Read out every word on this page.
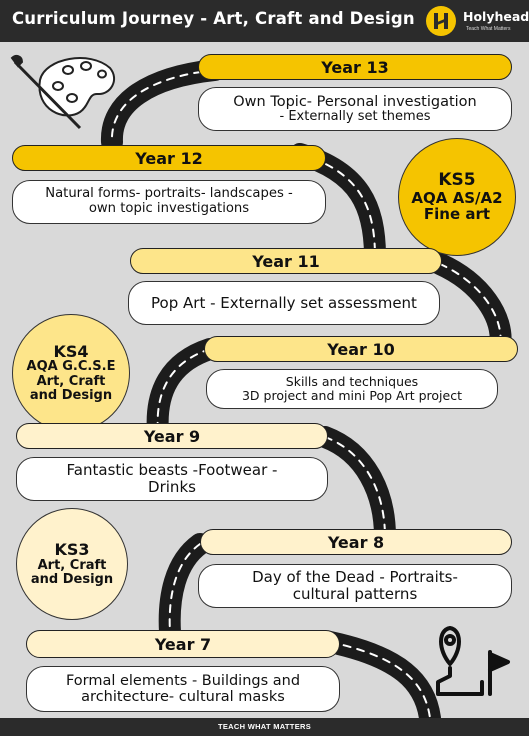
Curriculum Journey - Art, Craft and Design	Holyhead
Teach What Matters
Year 13
Own Topic- Personal investigation
- Externally set themes
Year 12
Natural forms- portraits- landscapes -
own topic investigations
KS5
AQA AS/A2
Fine art
Year 11
Pop Art - Externally set assessment
KS4
AQA G.C.S.E
Art, Craft
and Design
Year 10
Skills and techniques
3D project and mini Pop Art project
Year 9
Fantastic beasts -Footwear -
Drinks
KS3
Art, Craft
and Design
Year 8
Day of the Dead - Portraits-
cultural patterns
Year 7
Formal elements - Buildings and
architecture- cultural masks
TEACH WHAT MATTERS
